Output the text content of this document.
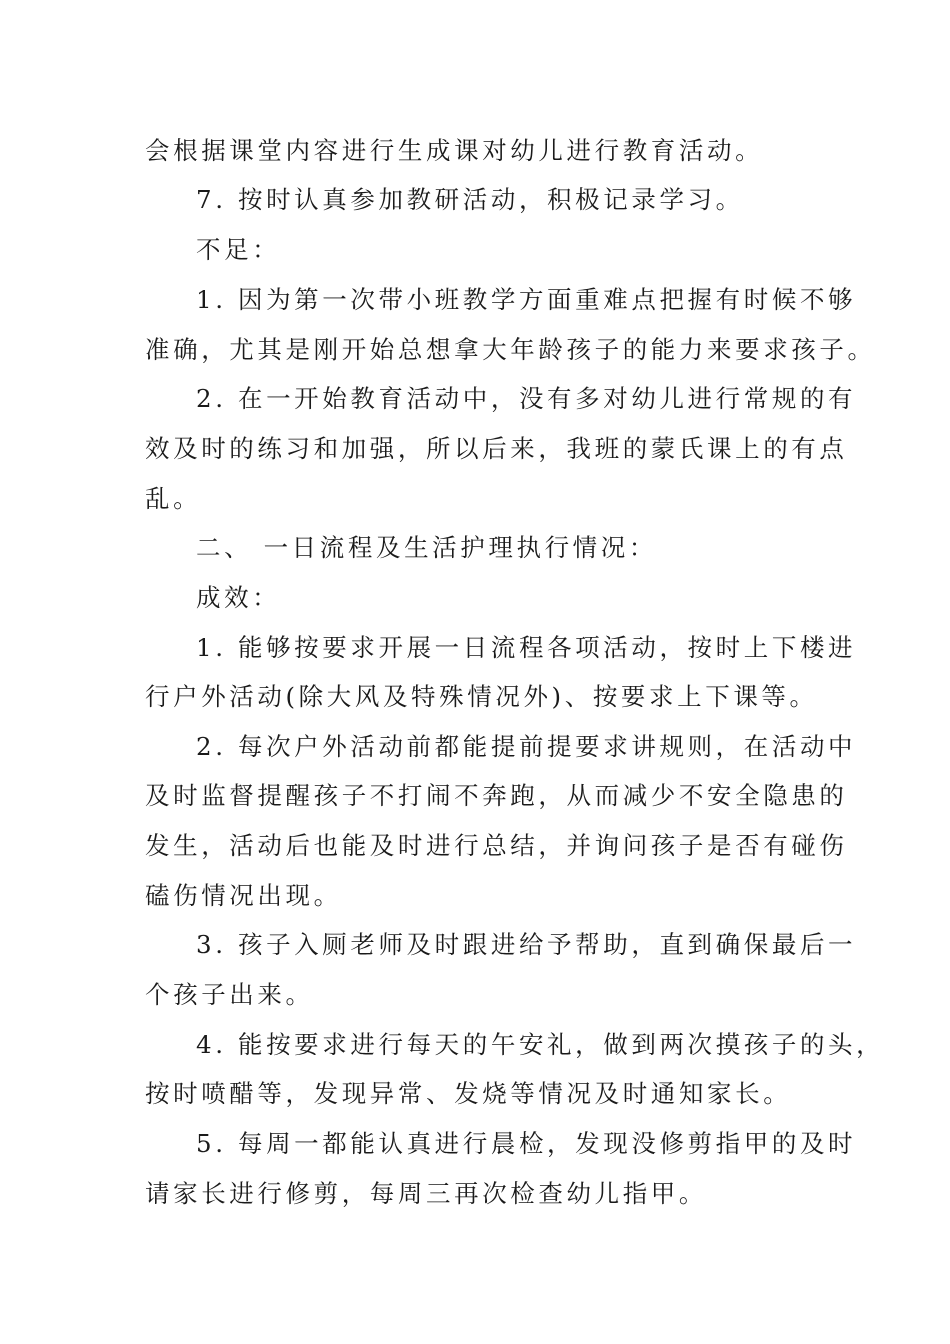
会根据课堂内容进行生成课对幼儿进行教育活动。
7. 按时认真参加教研活动，积极记录学习。
不足：
1. 因为第一次带小班教学方面重难点把握有时候不够
准确，尤其是刚开始总想拿大年龄孩子的能力来要求孩子。
2. 在一开始教育活动中，没有多对幼儿进行常规的有
效及时的练习和加强，所以后来，我班的蒙氏课上的有点
乱。
二、 一日流程及生活护理执行情况：
成效：
1. 能够按要求开展一日流程各项活动，按时上下楼进
行户外活动(除大风及特殊情况外)、按要求上下课等。
2. 每次户外活动前都能提前提要求讲规则，在活动中
及时监督提醒孩子不打闹不奔跑，从而减少不安全隐患的
发生，活动后也能及时进行总结，并询问孩子是否有碰伤
磕伤情况出现。
3. 孩子入厕老师及时跟进给予帮助，直到确保最后一
个孩子出来。
4. 能按要求进行每天的午安礼，做到两次摸孩子的头，
按时喷醋等，发现异常、发烧等情况及时通知家长。
5. 每周一都能认真进行晨检，发现没修剪指甲的及时
请家长进行修剪，每周三再次检查幼儿指甲。
